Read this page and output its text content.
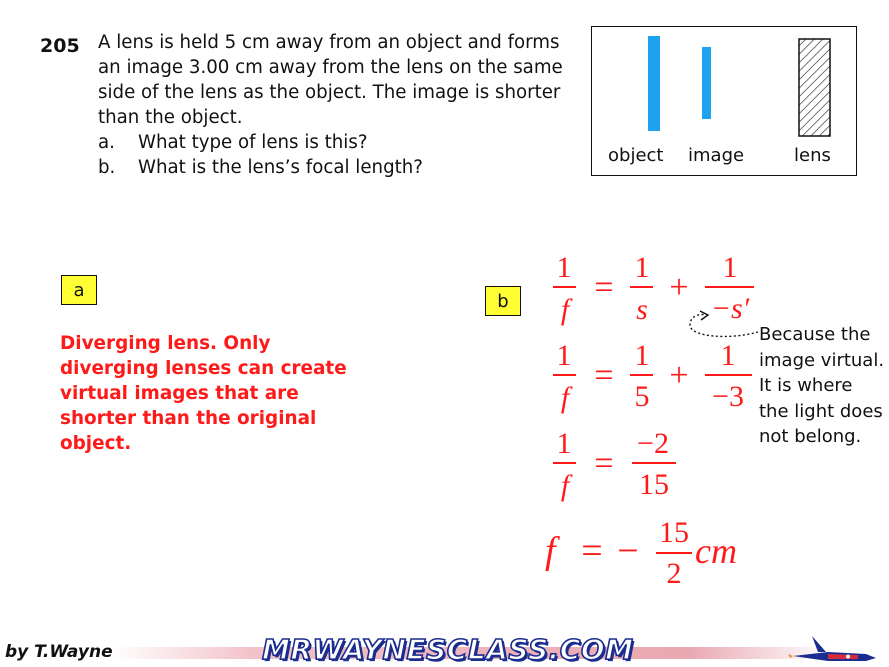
205 A lens is held 5 cm away from an object and forms
an image 3.00 cm away from the lens on the same
side of the lens as the object. The image is shorter
than the object.
a.	What type of lens is this?
b.	What is the lens’s focal length?
object image	lens
a
Diverging lens. Only diverging lenses can create virtual images that are shorter than the original object.
b
1
f
=
1
s
+
1
−s′
1
f
=
1
5
+
1
−3
1
f
=
−2
15
f = − 15
2
cm
Because the
image virtual.
It is where
the light does
not belong.
by T.Wayne	MRWAYNESCLASS.COM
